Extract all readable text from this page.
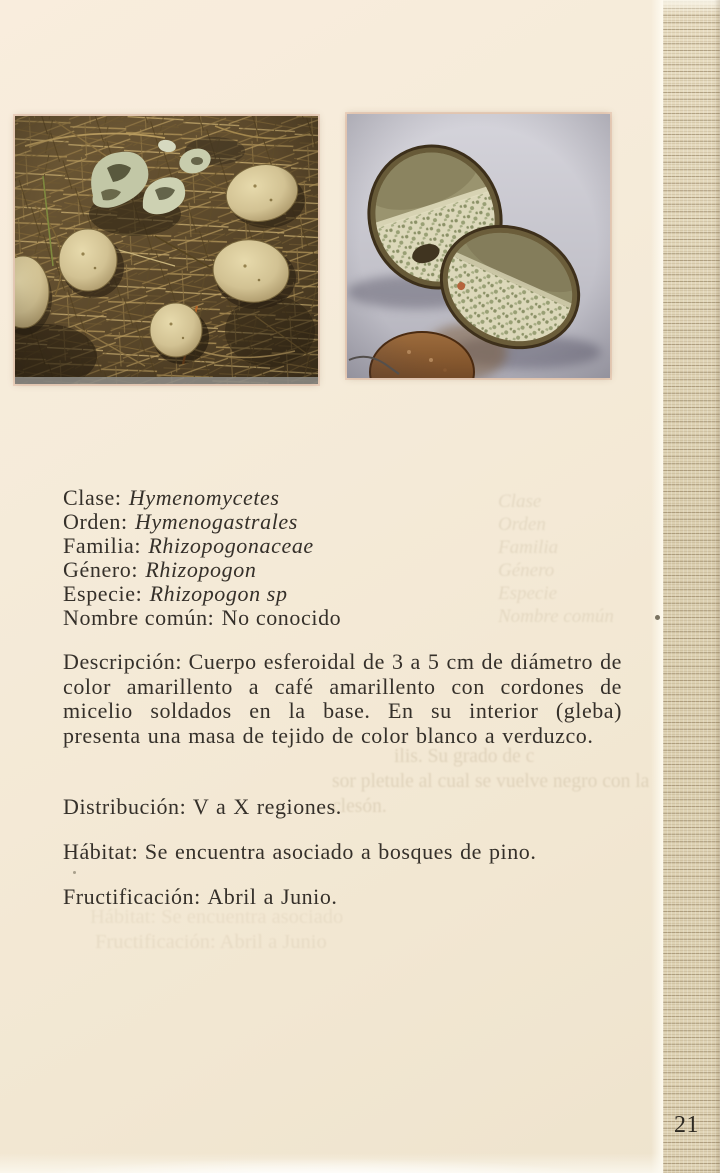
Clase
Orden
Familia
Género
Especie
Nombre común
Clase: Hymenomycetes
Orden: Hymenogastrales
Familia: Rhizopogonaceae
Género: Rhizopogon
Especie: Rhizopogon sp
Nombre común: No conocido

Descripción: Cuerpo esferoidal de 3 a 5 cm de diámetro de color amarillento a café amarillento con cordones de micelio soldados en la base. En su interior (gleba) presenta una masa de tejido de color blanco a verduzco.

ilis. Su grado de c
sor pletule al cual se vuelve negro con la
clesón.

Distribución: V a X regiones.

Hábitat: Se encuentra asociado a bosques de pino.

Fructificación: Abril a Junio.

Hábitat: Se encuentra asociado
Fructificación: Abril a Junio
21
